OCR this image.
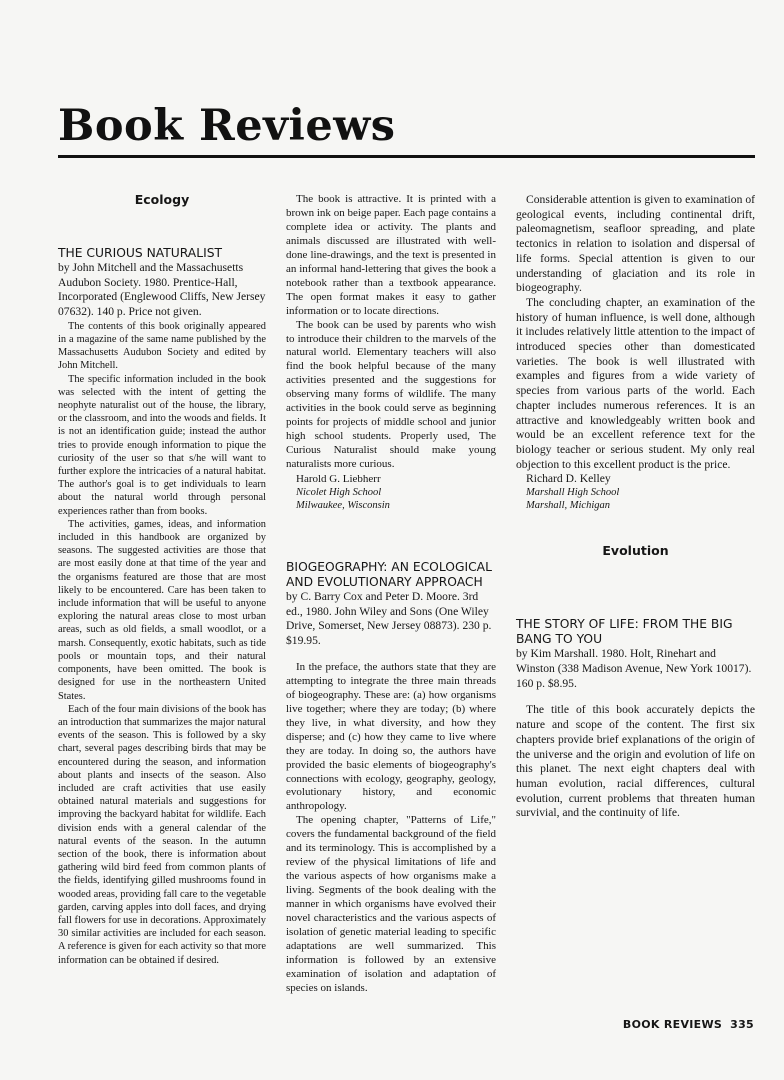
Book Reviews
Ecology

THE CURIOUS NATURALIST

by John Mitchell and the Massachusetts Audubon Society. 1980. Prentice-Hall, Incorporated (Englewood Cliffs, New Jersey 07632). 140 p. Price not given.

The contents of this book originally appeared in a magazine of the same name published by the Massachusetts Audubon Society and edited by John Mitchell.

The specific information included in the book was selected with the intent of getting the neophyte naturalist out of the house, the library, or the classroom, and into the woods and fields. It is not an identification guide; instead the author tries to provide enough information to pique the curiosity of the user so that s/he will want to further explore the intricacies of a natural habitat. The author's goal is to get individuals to learn about the natural world through personal experiences rather than from books.

The activities, games, ideas, and information included in this handbook are organized by seasons. The suggested activities are those that are most easily done at that time of the year and the organisms featured are those that are most likely to be encountered. Care has been taken to include information that will be useful to anyone exploring the natural areas close to most urban areas, such as old fields, a small woodlot, or a marsh. Consequently, exotic habitats, such as tide pools or mountain tops, and their natural components, have been omitted. The book is designed for use in the northeastern United States.

Each of the four main divisions of the book has an introduction that summarizes the major natural events of the season. This is followed by a sky chart, several pages describing birds that may be encountered during the season, and information about plants and insects of the season. Also included are craft activities that use easily obtained natural materials and suggestions for improving the backyard habitat for wildlife. Each division ends with a general calendar of the natural events of the season. In the autumn section of the book, there is information about gathering wild bird feed from common plants of the fields, identifying gilled mushrooms found in wooded areas, providing fall care to the vegetable garden, carving apples into doll faces, and drying fall flowers for use in decorations. Approximately 30 similar activities are included for each season. A reference is given for each activity so that more information can be obtained if desired.

The book is attractive. It is printed with a brown ink on beige paper. Each page contains a complete idea or activity. The plants and animals discussed are illustrated with well-done line-drawings, and the text is presented in an informal hand-lettering that gives the book a notebook rather than a textbook appearance. The open format makes it easy to gather information or to locate directions.

The book can be used by parents who wish to introduce their children to the marvels of the natural world. Elementary teachers will also find the book helpful because of the many activities presented and the suggestions for observing many forms of wildlife. The many activities in the book could serve as beginning points for projects of middle school and junior high school students. Properly used, The Curious Naturalist should make young naturalists more curious.

Harold G. Liebherr

Nicolet High School

Milwaukee, Wisconsin

BIOGEOGRAPHY: AN ECOLOGICAL AND EVOLUTIONARY APPROACH

by C. Barry Cox and Peter D. Moore. 3rd ed., 1980. John Wiley and Sons (One Wiley Drive, Somerset, New Jersey 08873). 230 p. $19.95.

In the preface, the authors state that they are attempting to integrate the three main threads of biogeography. These are: (a) how organisms live together; where they are today; (b) where they live, in what diversity, and how they disperse; and (c) how they came to live where they are today. In doing so, the authors have provided the basic elements of biogeography's connections with ecology, geography, geology, evolutionary history, and economic anthropology.

The opening chapter, "Patterns of Life," covers the fundamental background of the field and its terminology. This is accomplished by a review of the physical limitations of life and the various aspects of how organisms make a living. Segments of the book dealing with the manner in which organisms have evolved their novel characteristics and the various aspects of isolation of genetic material leading to specific adaptations are well summarized. This information is followed by an extensive examination of isolation and adaptation of species on islands.

Considerable attention is given to examination of geological events, including continental drift, paleomagnetism, seafloor spreading, and plate tectonics in relation to isolation and dispersal of life forms. Special attention is given to our understanding of glaciation and its role in biogeography.

The concluding chapter, an examination of the history of human influence, is well done, although it includes relatively little attention to the impact of introduced species other than domesticated varieties. The book is well illustrated with examples and figures from a wide variety of species from various parts of the world. Each chapter includes numerous references. It is an attractive and knowledgeably written book and would be an excellent reference text for the biology teacher or serious student. My only real objection to this excellent product is the price.

Richard D. Kelley

Marshall High School

Marshall, Michigan

Evolution

THE STORY OF LIFE: FROM THE BIG BANG TO YOU

by Kim Marshall. 1980. Holt, Rinehart and Winston (338 Madison Avenue, New York 10017). 160 p. $8.95.

The title of this book accurately depicts the nature and scope of the content. The first six chapters provide brief explanations of the origin of the universe and the origin and evolution of life on this planet. The next eight chapters deal with human evolution, racial differences, cultural evolution, current problems that threaten human survivial, and the continuity of life.

BOOK REVIEWS 335
